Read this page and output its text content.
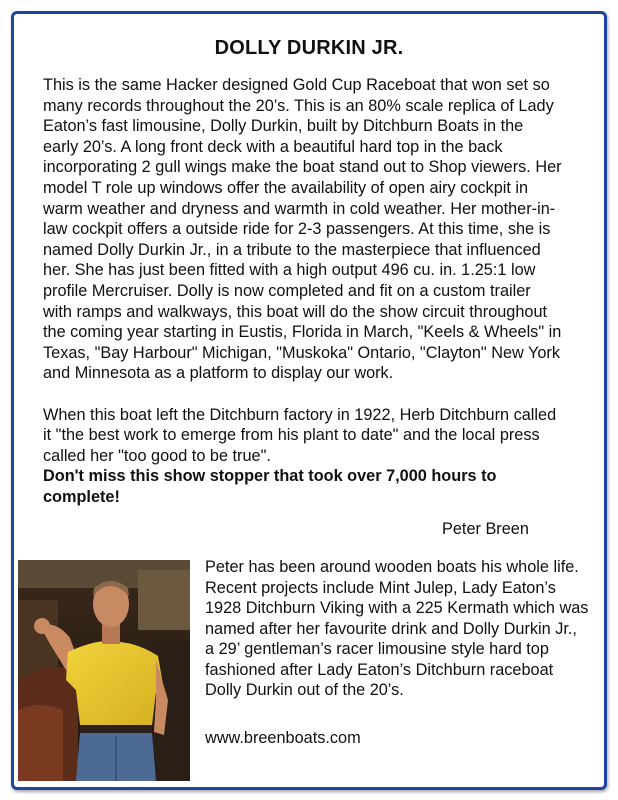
DOLLY DURKIN JR.

This is the same Hacker designed Gold Cup Raceboat that won set so many records throughout the 20’s. This is an 80% scale replica of Lady Eaton’s fast limousine, Dolly Durkin, built by Ditchburn Boats in the early 20’s. A long front deck with a beautiful hard top in the back incorporating 2 gull wings make the boat stand out to Shop viewers. Her model T role up windows offer the availability of open airy cockpit in warm weather and dryness and warmth in cold weather. Her mother-in-law cockpit offers a outside ride for 2-3 passengers. At this time, she is named Dolly Durkin Jr., in a tribute to the masterpiece that influenced her. She has just been fitted with a high output 496 cu. in. 1.25:1 low profile Mercruiser. Dolly is now completed and fit on a custom trailer with ramps and walkways, this boat will do the show circuit throughout the coming year starting in Eustis, Florida in March, "Keels & Wheels" in Texas, "Bay Harbour" Michigan, "Muskoka" Ontario, "Clayton" New York and Minnesota as a platform to display our work.

When this boat left the Ditchburn factory in 1922, Herb Ditchburn called it "the best work to emerge from his plant to date" and the local press called her "too good to be true".
Don't miss this show stopper that took over 7,000 hours to complete!

Peter Breen
Peter has been around wooden boats his whole life. Recent projects include Mint Julep, Lady Eaton’s 1928 Ditchburn Viking with a 225 Kermath which was named after her favourite drink and Dolly Durkin Jr., a 29’ gentleman’s racer limousine style hard top fashioned after Lady Eaton’s Ditchburn raceboat Dolly Durkin out of the 20’s.
www.breenboats.com
